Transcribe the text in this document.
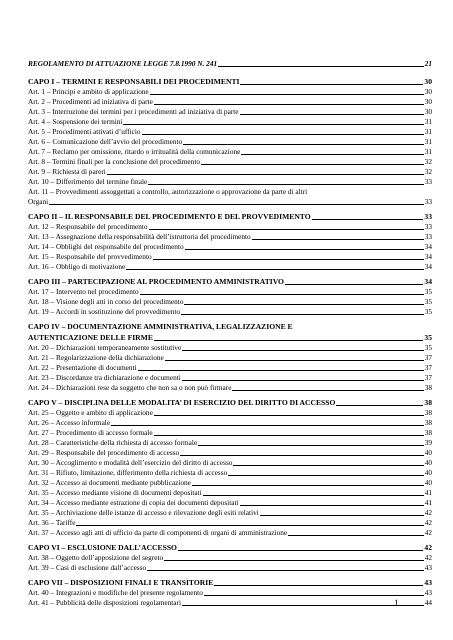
REGOLAMENTO DI ATTUAZIONE LEGGE 7.8.1990 N. 241	21
CAPO I – TERMINI E RESPONSABILI DEI PROCEDIMENTI	30
Art. 1 – Principi e ambito di applicazione	30
Art. 2 – Procedimenti ad iniziativa di parte	30
Art. 3 – Interruzione dei termini per i procedimenti ad iniziativa di parte	30
Art. 4 – Sospensione dei termini	31
Art. 5 – Procedimenti attivati d’ufficio	31
Art. 6 – Comunicazione dell’avvio del procedimento	31
Art. 7 – Reclamo per omissione, ritardo o irritualità della comunicazione	31
Art. 8 – Termini finali per la conclusione del procedimento	32
Art. 9 – Richiesta di pareri	32
Art. 10 – Differimento del termine finale	33
Art. 11 – Provvedimenti assoggettati a controllo, autorizzazione o approvazione da parte di altri
Organi	33
CAPO II – IL RESPONSABILE DEL PROCEDIMENTO E DEL PROVVEDIMENTO	33
Art. 12 – Responsabile del procedimento	33
Art. 13 – Assegnazione della responsabilità dell’istruttoria del procedimento	33
Art. 14 – Obblighi del responsabile del procedimento	34
Art. 15 – Responsabile del provvedimento	34
Art. 16 – Obbligo di motivazione	34
CAPO III – PARTECIPAZIONE AL PROCEDIMENTO AMMINISTRATIVO	34
Art. 17 – Intervento nel procedimento	35
Art. 18 – Visione degli atti in corso del procedimento	35
Art. 19 – Accordi in sostituzione del provvedimento	35
CAPO IV – DOCUMENTAZIONE AMMINISTRATIVA, LEGALIZZAZIONE E
AUTENTICAZIONE DELLE FIRME	35
Art. 20 – Dichiarazioni temporaneamente sostitutive	35
Art. 21 – Regolarizzazione della dichiarazione	37
Art. 22 – Presentazione di documenti	37
Art. 23 – Discordanze tra dichiarazione e documenti	37
Art. 24 – Dichiarazioni rese da soggetto che non sa o non può firmare	38
CAPO V – DISCIPLINA DELLE MODALITA’ DI ESERCIZIO DEL DIRITTO DI ACCESSO	38
Art. 25 – Oggetto e ambito di applicazione	38
Art. 26 – Accesso informale	38
Art. 27 – Procedimento di accesso formale	38
Art. 28 – Caratteristiche della richiesta di accesso formale	39
Art. 29 – Responsabile del procedimento di accesso	40
Art. 30 – Accoglimento e modalità dell’esercizio del diritto di accesso	40
Art. 31 – Rifiuto, limitazione, differimento della richiesta di accesso	40
Art. 32 – Accesso ai documenti mediante pubblicazione	40
Art. 35 – Accesso mediante visione di documenti depositati	41
Art. 34 – Accesso mediante estrazione di copia dei documenti depositati	41
Art. 35 – Archiviazione delle istanze di accesso e rilevazione degli esiti relativi	42
Art. 36 – Tariffe	42
Art. 37 – Accesso agli atti di ufficio da parte di componenti di organi di amministrazione	42
CAPO VI – ESCLUSIONE DALL’ACCESSO	42
Art. 38 – Oggetto dell’apposizione del segreto	42
Art. 39 – Casi di esclusione dall’accesso	43
CAPO VII – DISPOSIZIONI FINALI E TRANSITORIE	43
Art. 40 – Integrazioni e modifiche del presente regolamento	43
Art. 41 – Pubblicità delle disposizioni regolamentari	44
1
